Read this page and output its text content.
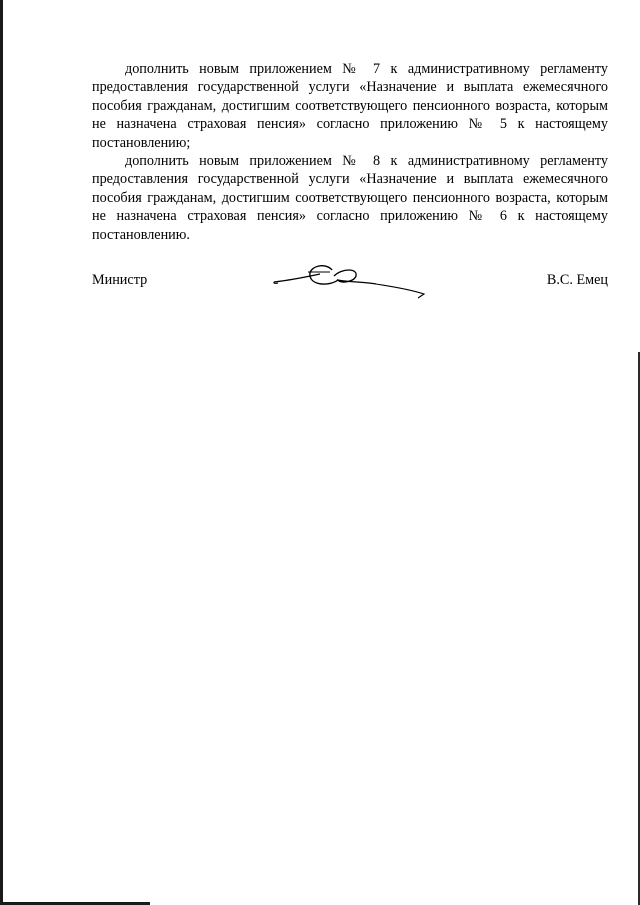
дополнить новым приложением № 7 к административному регламенту предоставления государственной услуги «Назначение и выплата ежемесячного пособия гражданам, достигшим соответствующего пенсионного возраста, которым не назначена страховая пенсия» согласно приложению № 5 к настоящему постановлению;

дополнить новым приложением № 8 к административному регламенту предоставления государственной услуги «Назначение и выплата ежемесячного пособия гражданам, достигшим соответствующего пенсионного возраста, которым не назначена страховая пенсия» согласно приложению № 6 к настоящему постановлению.

Министр	В.С. Емец
